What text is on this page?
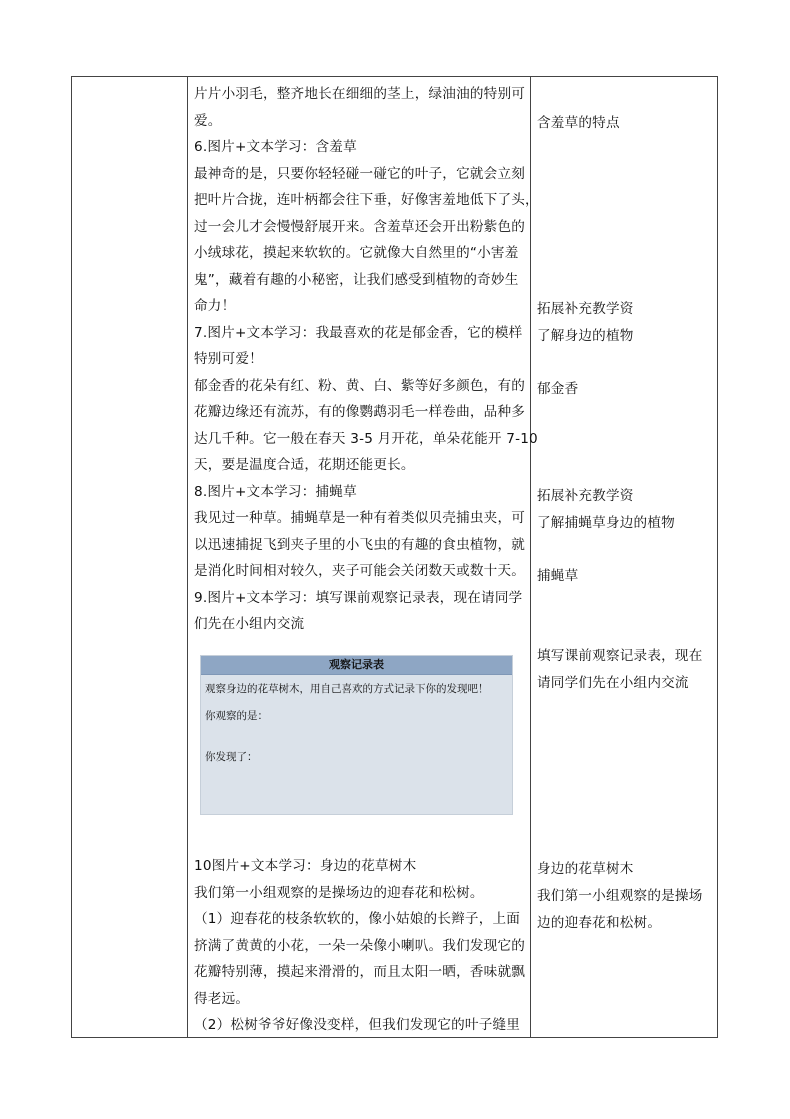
片片小羽毛，整齐地长在细细的茎上，绿油油的特别可
爱。
6.图片+文本学习：含羞草
最神奇的是，只要你轻轻碰一碰它的叶子，它就会立刻
把叶片合拢，连叶柄都会往下垂，好像害羞地低下了头，
过一会儿才会慢慢舒展开来。含羞草还会开出粉紫色的
小绒球花，摸起来软软的。它就像大自然里的“小害羞
鬼”，藏着有趣的小秘密，让我们感受到植物的奇妙生
命力！
7.图片+文本学习：我最喜欢的花是郁金香，它的模样
特别可爱！
郁金香的花朵有红、粉、黄、白、紫等好多颜色，有的
花瓣边缘还有流苏，有的像鹦鹉羽毛一样卷曲，品种多
达几千种。它一般在春天 3-5 月开花，单朵花能开 7-10
天，要是温度合适，花期还能更长。
8.图片+文本学习：捕蝇草
我见过一种草。捕蝇草是一种有着类似贝壳捕虫夹，可
以迅速捕捉飞到夹子里的小飞虫的有趣的食虫植物，就
是消化时间相对较久，夹子可能会关闭数天或数十天。
9.图片+文本学习：填写课前观察记录表，现在请同学
们先在小组内交流
10图片+文本学习：身边的花草树木
我们第一小组观察的是操场边的迎春花和松树。
（1）迎春花的枝条软软的，像小姑娘的长辫子，上面
挤满了黄黄的小花，一朵一朵像小喇叭。我们发现它的
花瓣特别薄，摸起来滑滑的，而且太阳一晒，香味就飘
得老远。
（2）松树爷爷好像没变样，但我们发现它的叶子缝里
观察记录表
观察身边的花草树木，用自己喜欢的方式记录下你的发现吧！
你观察的是：
你发现了：
含羞草的特点
拓展补充教学资
了解身边的植物
郁金香
拓展补充教学资
了解捕蝇草身边的植物
捕蝇草
填写课前观察记录表，现在
请同学们先在小组内交流
身边的花草树木
我们第一小组观察的是操场
边的迎春花和松树。
